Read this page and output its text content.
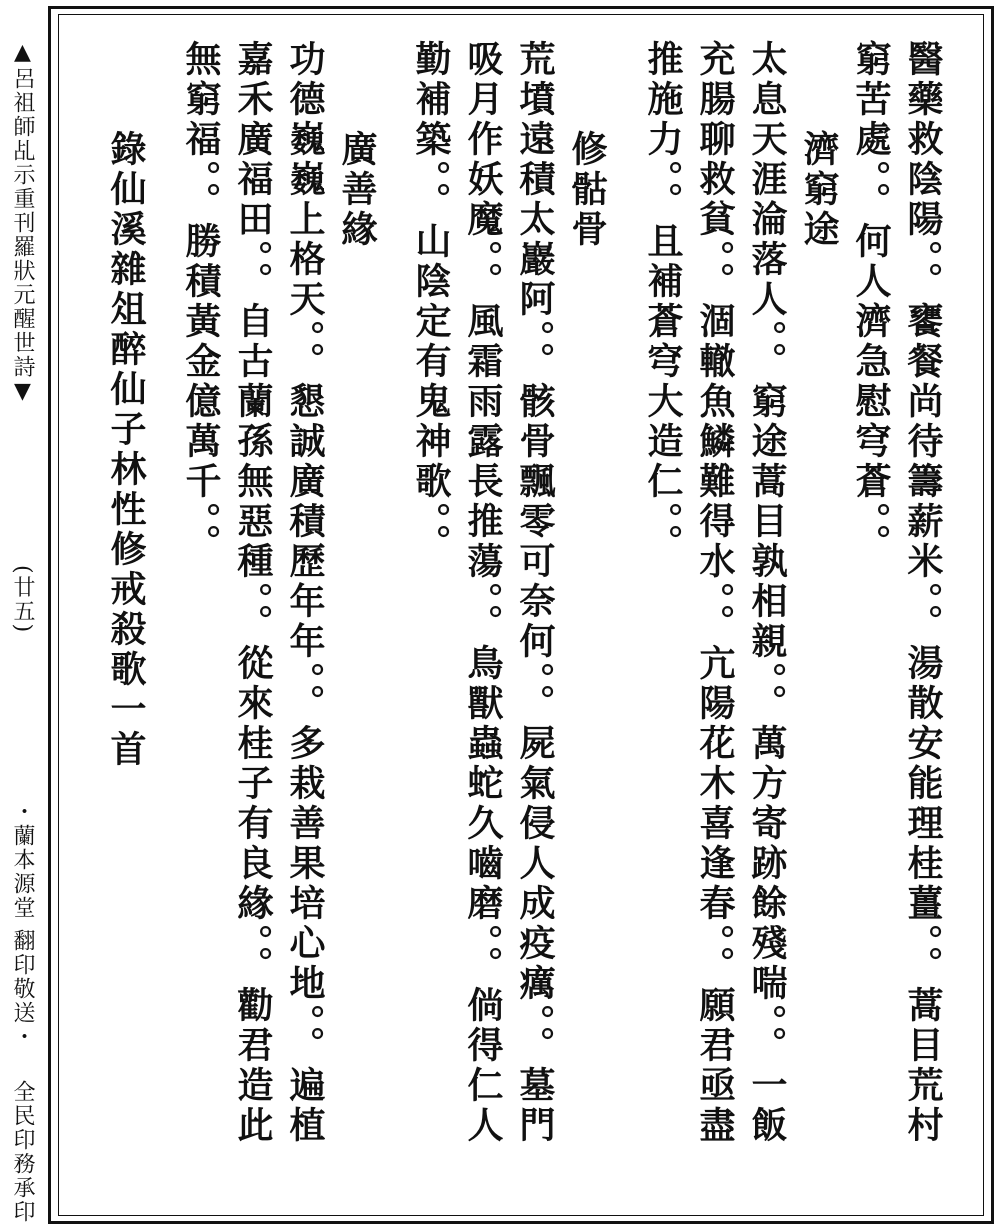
▲呂祖師乩示重刊羅狀元醒世詩▼
(廿五)
・蘭本源堂 翻印敬送・
全民印務承印
醫藥救陰陽。。饔餐尚待籌薪米。。湯散安能理桂薑。。蒿目荒村
窮苦處。。何人濟急慰穹蒼。。
濟窮途
太息天涯淪落人。。窮途蒿目孰相親。。萬方寄跡餘殘喘。。一飯
充腸聊救貧。。涸轍魚鱗難得水。。亢陽花木喜逢春。。願君亟盡
推施力。。且補蒼穹大造仁。。
修骷骨
荒墳遠積太巖阿。。骸骨飄零可奈何。。屍氣侵人成疫癘。。墓門
吸月作妖魔。。風霜雨露長推蕩。。鳥獸蟲蛇久嚙磨。。倘得仁人
勤補築。。山陰定有鬼神歌。。
廣善緣
功德巍巍上格天。。懇誠廣積歷年年。。多栽善果培心地。。遍植
嘉禾廣福田。。自古蘭孫無惡種。。從來桂子有良緣。。勸君造此
無窮福。。勝積黃金億萬千。。
錄仙溪雜俎醉仙子林性修戒殺歌一首
